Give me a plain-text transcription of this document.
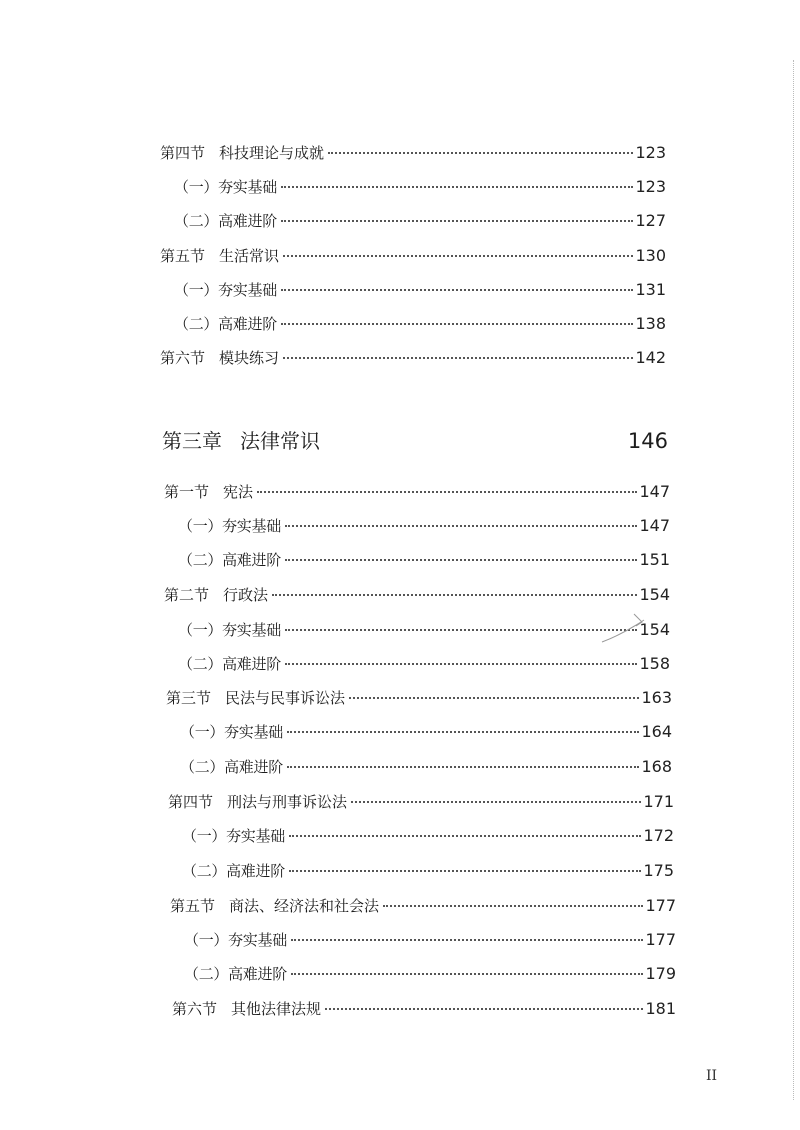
第四节 科技理论与成就	123
（一）夯实基础	123
（二）高难进阶	127
第五节 生活常识	130
（一）夯实基础	131
（二）高难进阶	138
第六节 模块练习	142
第三章 法律常识	146
第一节 宪法	147
（一）夯实基础	147
（二）高难进阶	151
第二节 行政法	154
（一）夯实基础	154
（二）高难进阶	158
第三节 民法与民事诉讼法	163
（一）夯实基础	164
（二）高难进阶	168
第四节 刑法与刑事诉讼法	171
（一）夯实基础	172
（二）高难进阶	175
第五节 商法、经济法和社会法	177
（一）夯实基础	177
（二）高难进阶	179
第六节 其他法律法规	181
II
